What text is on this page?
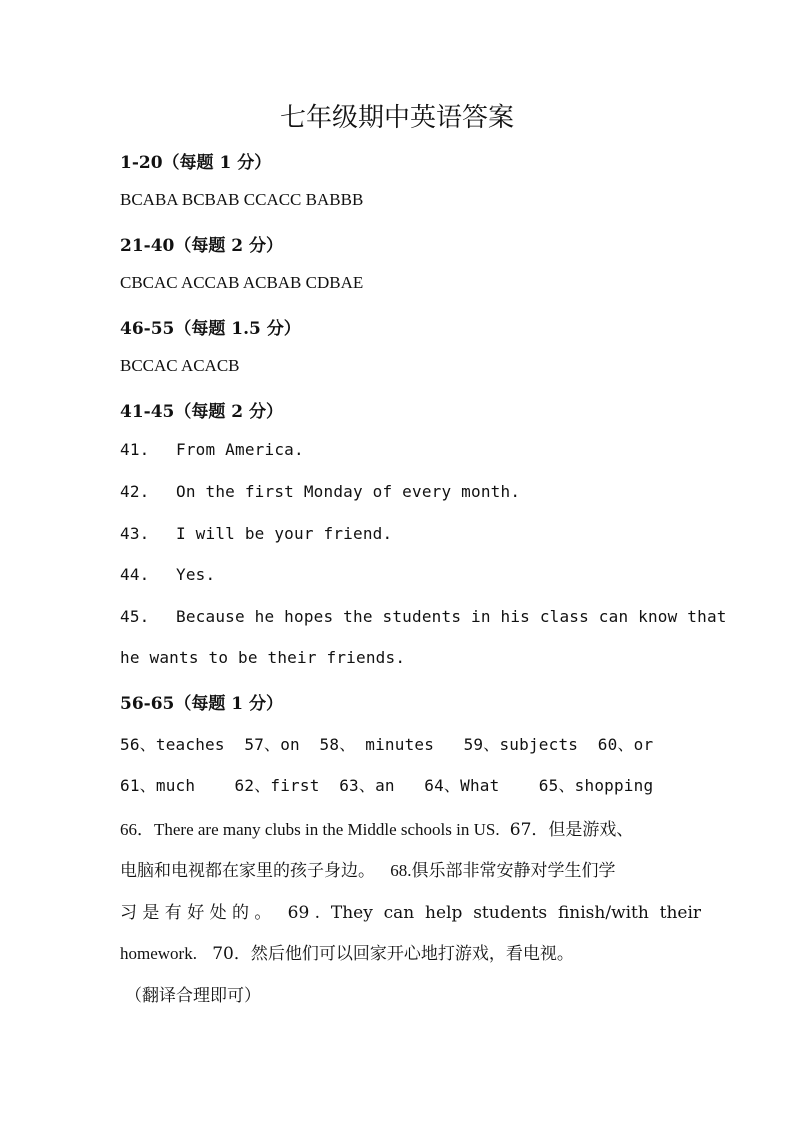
七年级期中英语答案
1-20（每题 1 分）
BCABA BCBAB CCACC BABBB
21-40（每题 2 分）
CBCAC ACCAB ACBAB CDBAE
46-55（每题 1.5 分）
BCCAC ACACB
41-45（每题 2 分）
41. From America.
42. On the first Monday of every month.
43. I will be your friend.
44. Yes.
45. Because he hopes the students in his class can know that
he wants to be their friends.
56-65（每题 1 分）
56、teaches  57、on  58、 minutes   59、subjects  60、or
61、much    62、first  63、an   64、What    65、shopping
66．There are many clubs in the Middle schools in US. 67．但是游戏、
电脑和电视都在家里的孩子身边。 68.俱乐部非常安静对学生们学
习 是 有 好 处 的 。   69 .  They  can  help  students  finish/with  their
homework. 70．然后他们可以回家开心地打游戏，看电视。
（翻译合理即可）
